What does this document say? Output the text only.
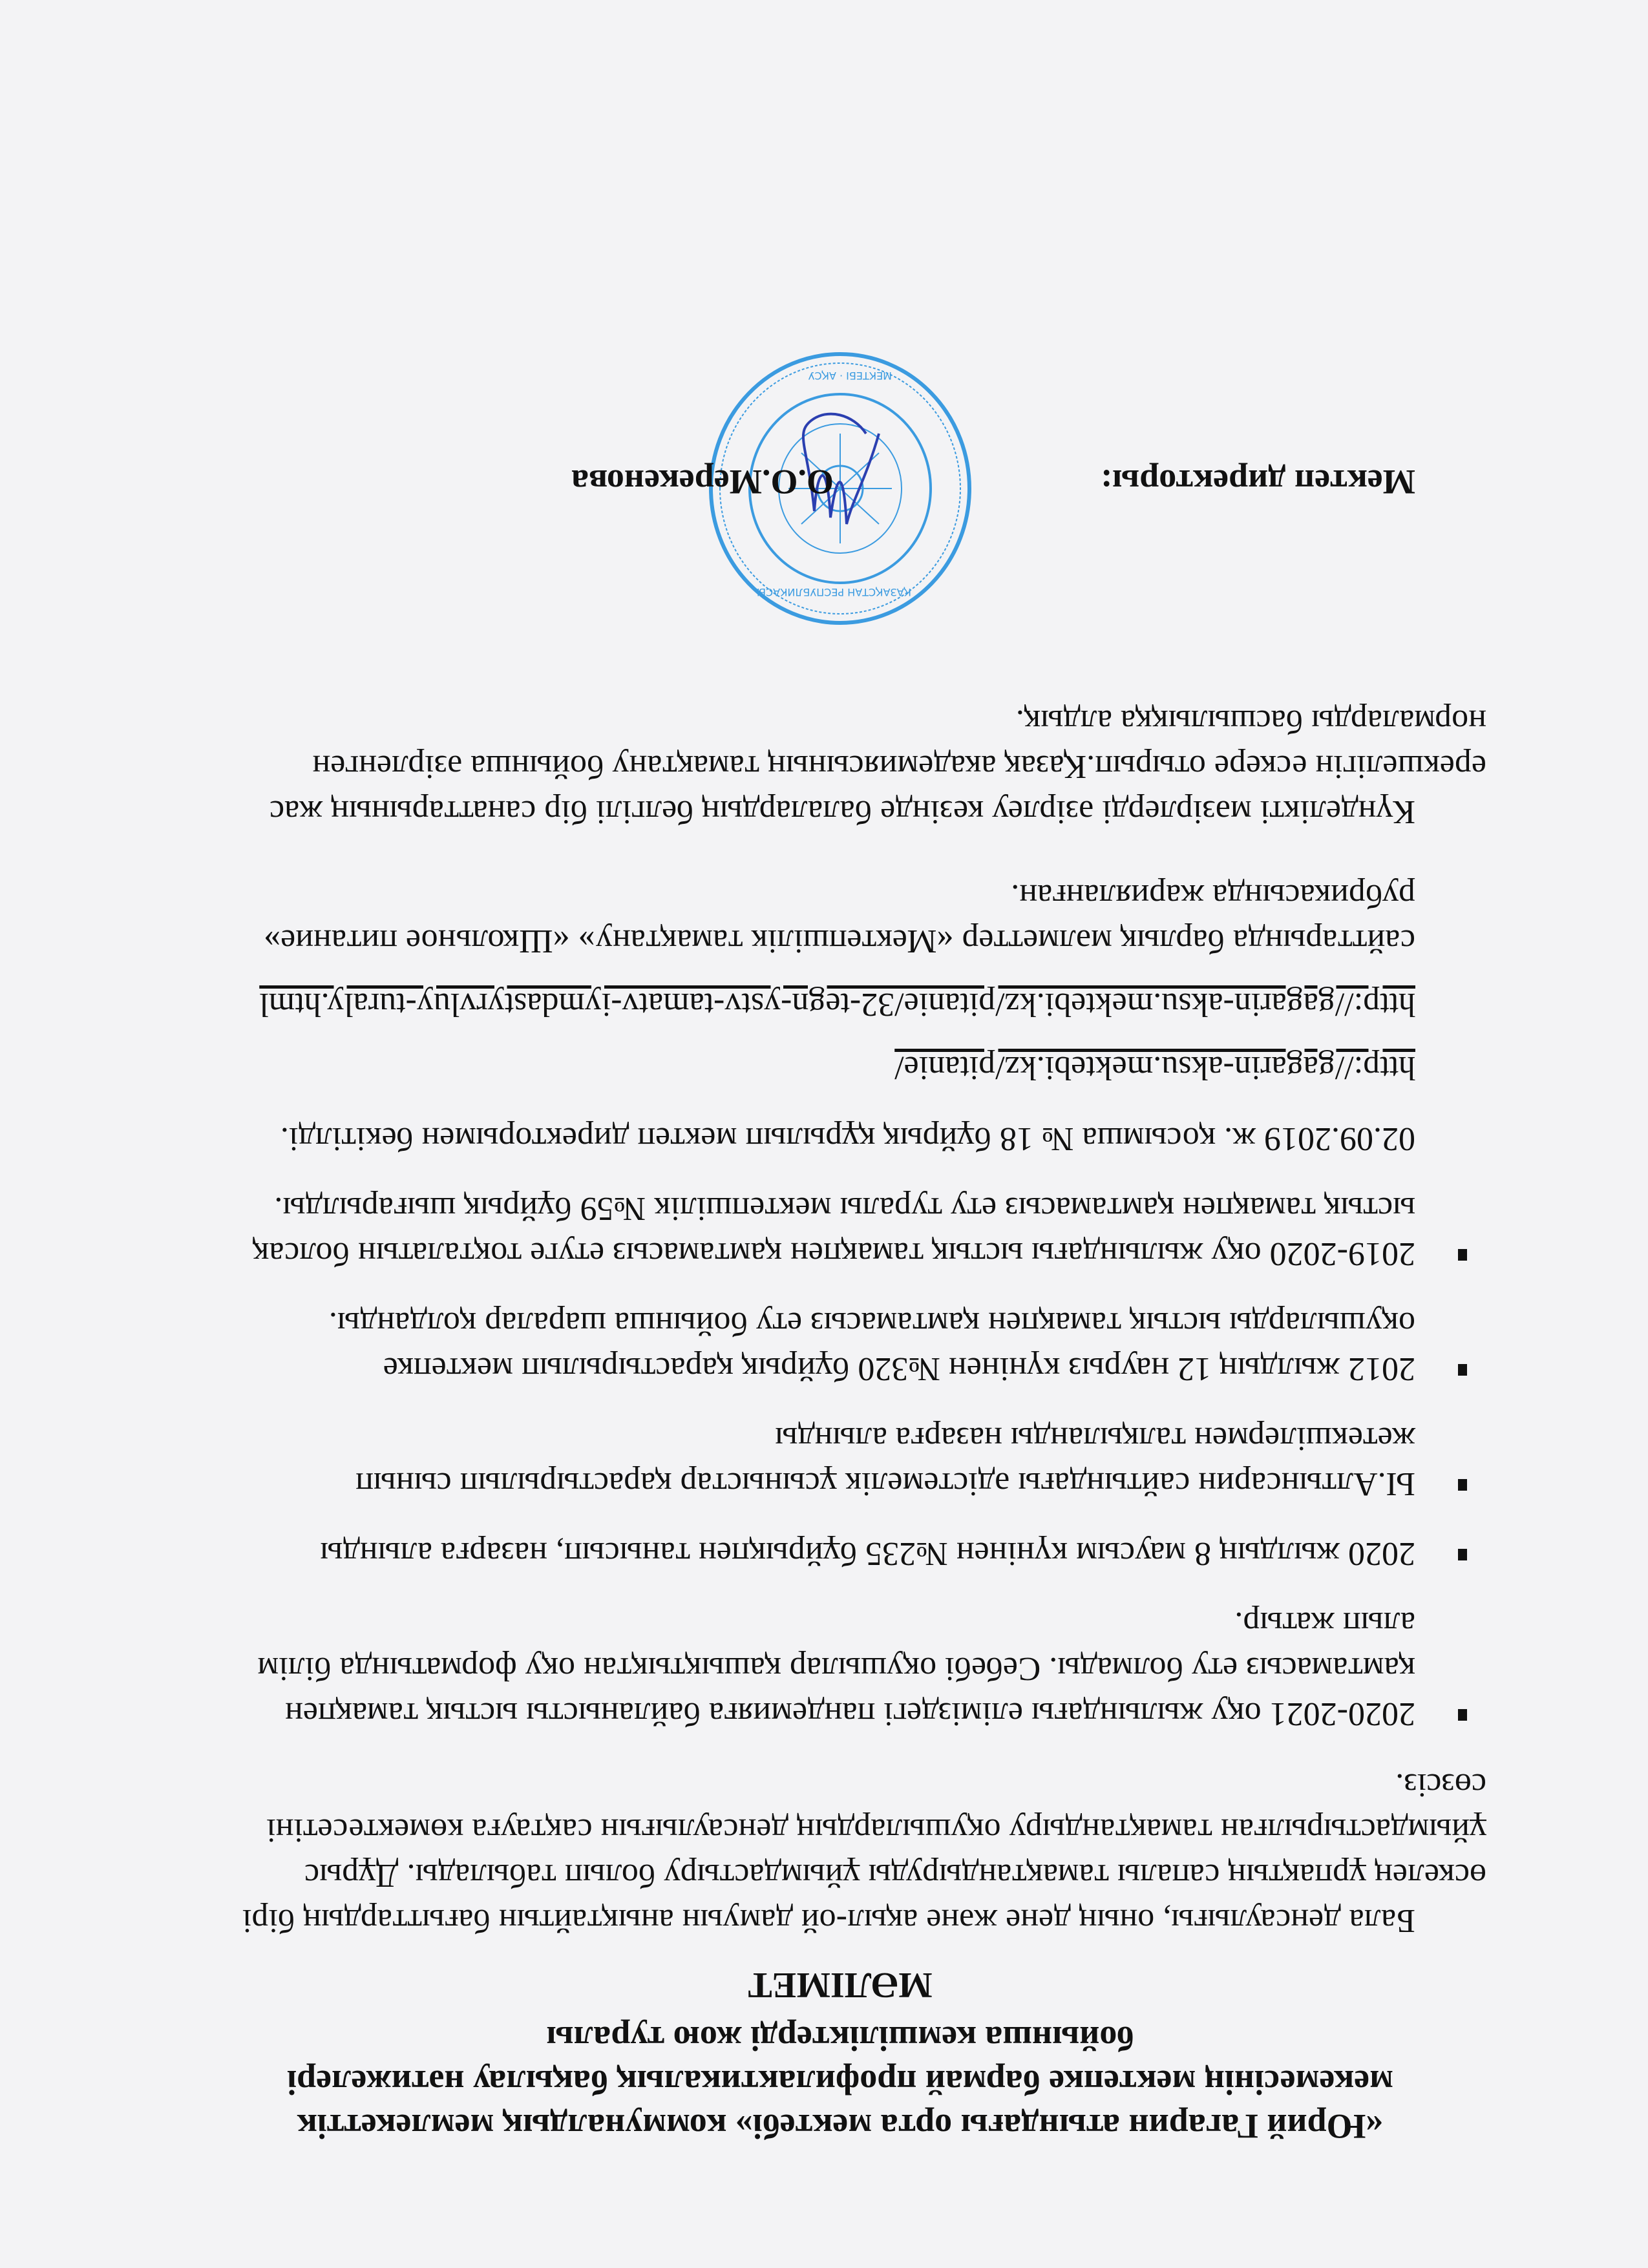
«Юрий Гагарин атындағы орта мектебі» коммуналдық мемлекеттік
мекемесінің мектепке бармай профилактикалық бақылау нәтижелері
бойынша кемшіліктерді жою туралы
МӘЛІМЕТ

Бала денсаулығы, оның дене және ақыл-ой дамуын анықтайтын бағыттардың бірі өскелең ұрпақтың сапалы тамақтандыруды ұйымдастыру болып табылады. Дұрыс ұйымдастырылған тамақтандыру оқушылардың денсаулығын сақтауға көмектесетіні сөзсіз.

2020-2021 оқу жылындағы еліміздегі пандемияға байланысты ыстық тамақпен қамтамасыз ету болмады. Себебі оқушылар қашықтықтан оқу форматында білім алып жатыр.
2020 жылдың 8 маусым күнінен №235 бұйрықпен танысып, назарға алынды
Ы.Алтынсарин сайтындағы әдістемелік ұсыныстар қарастырылып сынып жетекшілермен талқыланды назарға алынды
2012 жылдың 12 наурыз күнінен №320 бұйрық қарастырылып мектепке оқушыларды ыстық тамақпен қамтамасыз ету бойынша шаралар қолданды.
2019-2020 оқу жылындағы ыстық тамақпен қамтамасыз етуге тоқталатын болсақ ыстық тамақпен қамтамасыз ету туралы мектепшілік №59 бұйрық шығарылды.

02.09.2019 ж. қосымша № 18 бұйрық құрылып мектеп директорымен бекітілді.

http://gagarin-aksu.mektebi.kz/pitanie/
http://gagarin-aksu.mektebi.kz/pitanie/32-tegn-ystv-tamatv-iymdastyrvluy-turaly.html

сайттарында барлық мәлметтер «Мектепшілік тамақтану» «Школьное питание» рубрикасында жарияланған.

Күнделікті мәзірлерді әзірлеу кезінде балалардың белгілі бір санаттарының жас ерекшелігін ескере отырып.Қазақ академиясының тамақтану бойынша әзірленген нормаларды басшылыққа алдық.

ҚАЗАҚСТАН РЕСПУБЛИКАСЫ
МЕКТЕБІ · АҚСУ
Мектеп директоры:
О.О.Мерекенова
